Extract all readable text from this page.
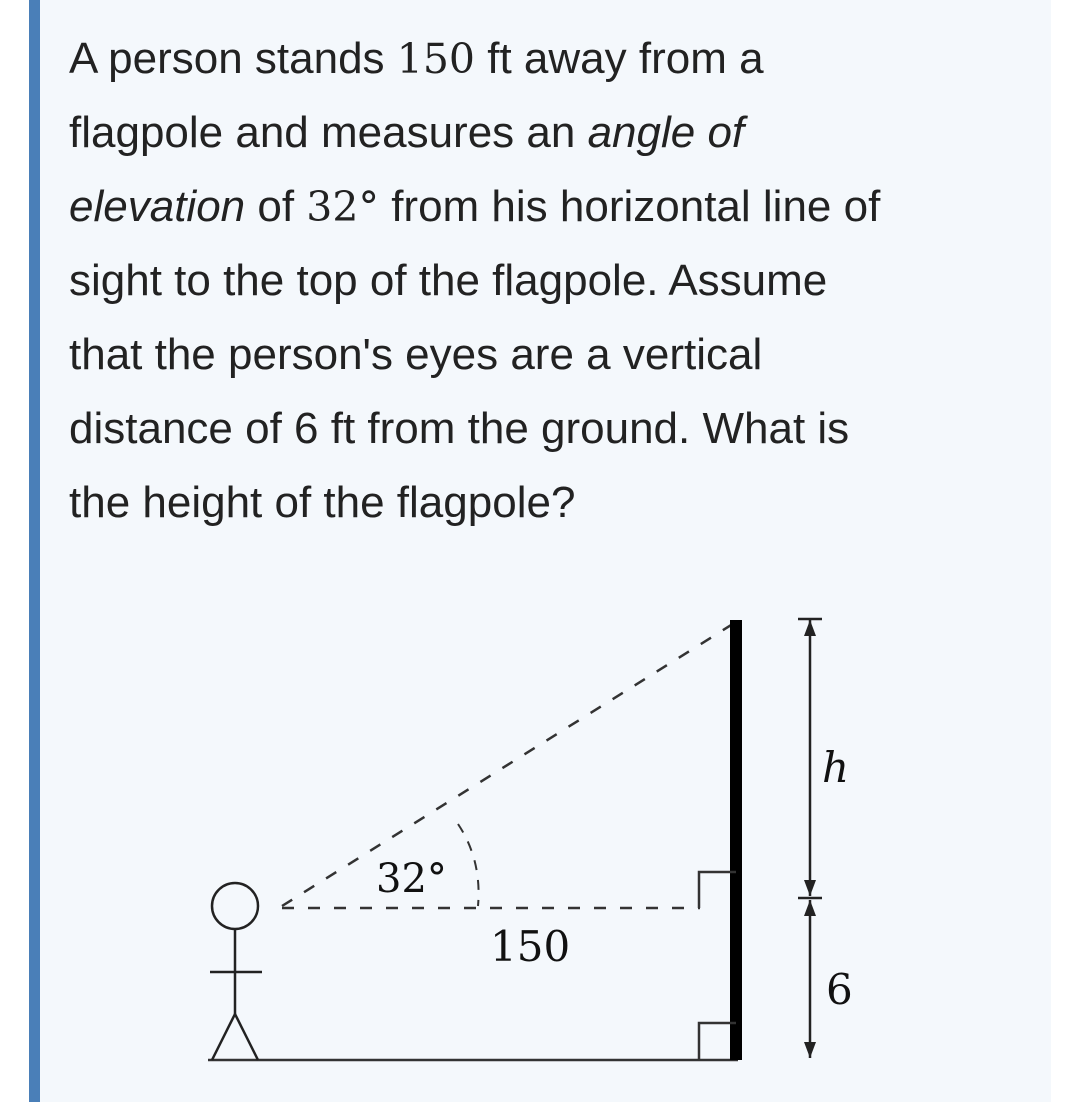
A person stands 150 ft away from a
flagpole and measures an angle of
elevation of 32° from his horizontal line of
sight to the top of the flagpole. Assume
that the person's eyes are a vertical
distance of 6 ft from the ground. What is
the height of the flagpole?
32°
150
h
6
